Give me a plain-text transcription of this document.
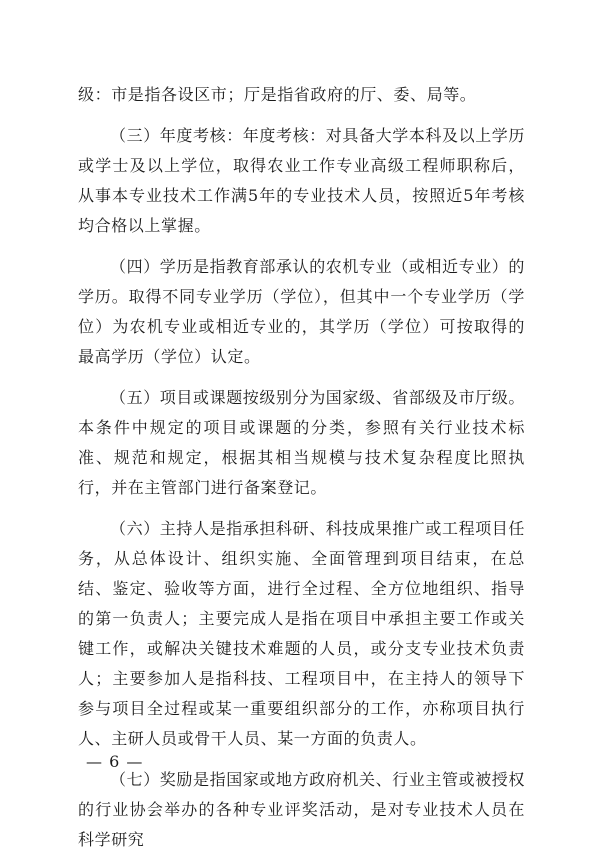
级：市是指各设区市；厅是指省政府的厅、委、局等。

（三）年度考核：年度考核：对具备大学本科及以上学历或学士及以上学位，取得农业工作专业高级工程师职称后，从事本专业技术工作满5年的专业技术人员，按照近5年考核均合格以上掌握。

（四）学历是指教育部承认的农机专业（或相近专业）的学历。取得不同专业学历（学位），但其中一个专业学历（学位）为农机专业或相近专业的，其学历（学位）可按取得的最高学历（学位）认定。

（五）项目或课题按级别分为国家级、省部级及市厅级。本条件中规定的项目或课题的分类，参照有关行业技术标准、规范和规定，根据其相当规模与技术复杂程度比照执行，并在主管部门进行备案登记。

（六）主持人是指承担科研、科技成果推广或工程项目任务，从总体设计、组织实施、全面管理到项目结束，在总结、鉴定、验收等方面，进行全过程、全方位地组织、指导的第一负责人；主要完成人是指在项目中承担主要工作或关键工作，或解决关键技术难题的人员，或分支专业技术负责人；主要参加人是指科技、工程项目中，在主持人的领导下参与项目全过程或某一重要组织部分的工作，亦称项目执行人、主研人员或骨干人员、某一方面的负责人。

（七）奖励是指国家或地方政府机关、行业主管或被授权的行业协会举办的各种专业评奖活动，是对专业技术人员在科学研究

— 6 —
